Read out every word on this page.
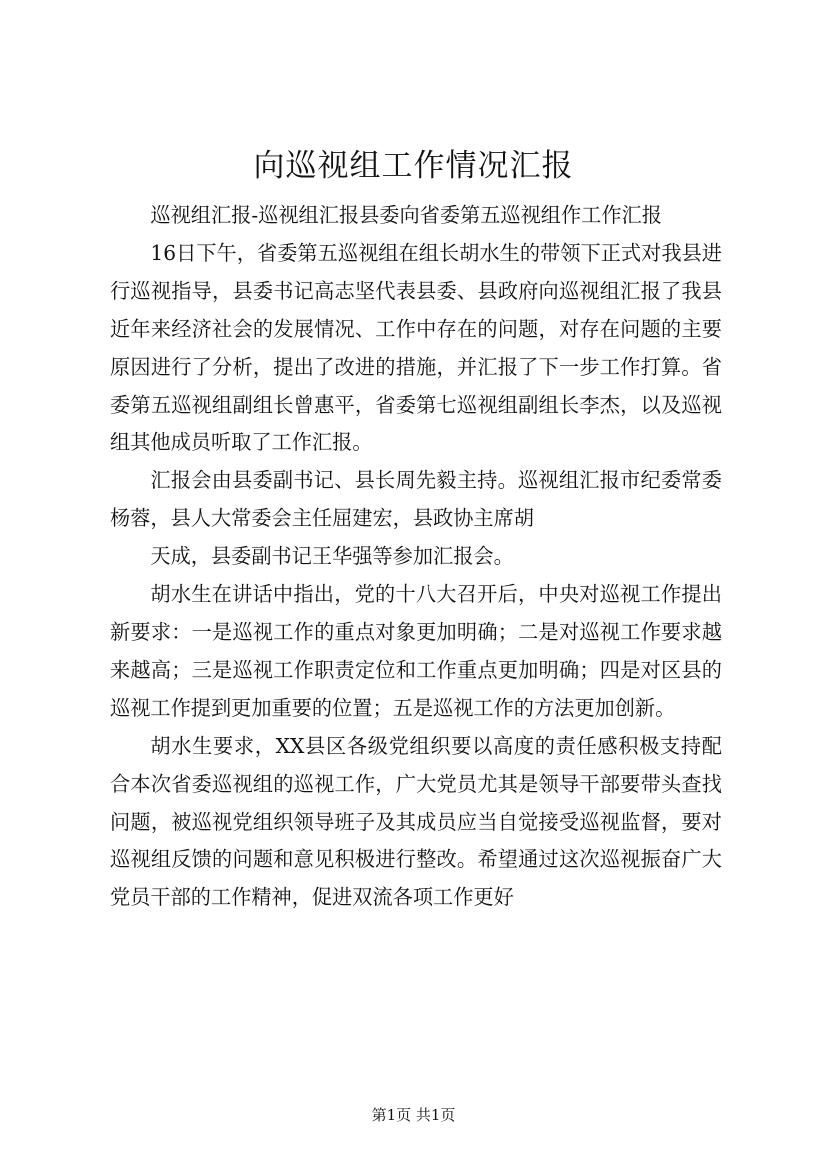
向巡视组工作情况汇报

巡视组汇报-巡视组汇报县委向省委第五巡视组作工作汇报

16日下午，省委第五巡视组在组长胡水生的带领下正式对我县进行巡视指导，县委书记高志坚代表县委、县政府向巡视组汇报了我县近年来经济社会的发展情况、工作中存在的问题，对存在问题的主要原因进行了分析，提出了改进的措施，并汇报了下一步工作打算。省委第五巡视组副组长曾惠平，省委第七巡视组副组长李杰，以及巡视组其他成员听取了工作汇报。

汇报会由县委副书记、县长周先毅主持。巡视组汇报市纪委常委杨蓉，县人大常委会主任屈建宏，县政协主席胡

天成，县委副书记王华强等参加汇报会。

胡水生在讲话中指出，党的十八大召开后，中央对巡视工作提出新要求：一是巡视工作的重点对象更加明确；二是对巡视工作要求越来越高；三是巡视工作职责定位和工作重点更加明确；四是对区县的巡视工作提到更加重要的位置；五是巡视工作的方法更加创新。

胡水生要求，XX县区各级党组织要以高度的责任感积极支持配合本次省委巡视组的巡视工作，广大党员尤其是领导干部要带头查找问题，被巡视党组织领导班子及其成员应当自觉接受巡视监督，要对巡视组反馈的问题和意见积极进行整改。希望通过这次巡视振奋广大党员干部的工作精神，促进双流各项工作更好

第1页 共1页
